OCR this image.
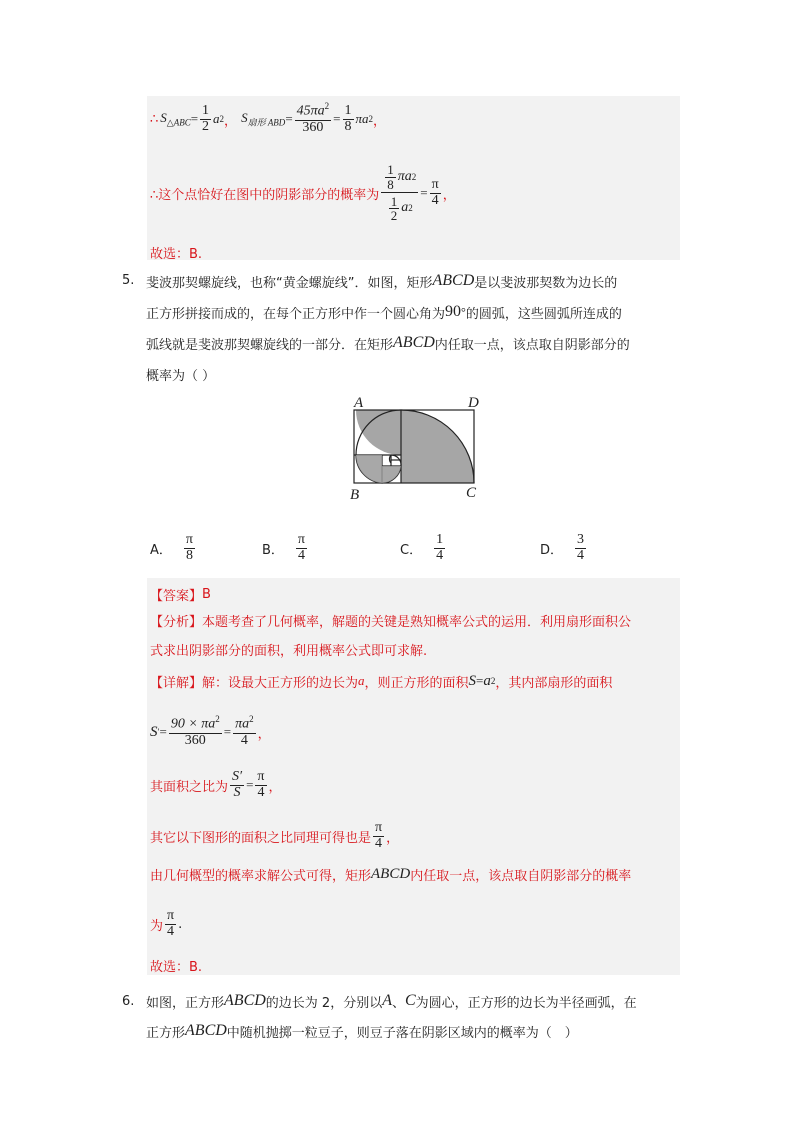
∴ $S_{\triangle ABC} = \frac{1}{2}$ a 2 ， $S_{扇形 ABD} = \frac{45\pi a^2}{360} = \frac{1}{8}$ π a 2 ，
∴这个点恰好在图中的阴影部分的概率为 $\frac{\frac{1}{8} \pi a 2}{\frac{1}{2} a 2} = \frac{\pi}{4}$ ，
故选：B.
5. 斐波那契螺旋线，也称“黄金螺旋线”．如图，矩形 ABCD 是以斐波那契数为边长的
正方形拼接而成的，在每个正方形中作一个圆心角为 90 ° 的圆弧，这些圆弧所连成的
弧线就是斐波那契螺旋线的一部分．在矩形 ABCD 内任取一点，该点取自阴影部分的
概率为（ ）
A	D
B	C
A． $\frac{\pi}{8}$	B． $\frac{\pi}{4}$	C． $\frac{1}{4}$	D． $\frac{3}{4}$
【答案】 B
【分析】 本题考查了几何概率，解题的关键是熟知概率公式的运用．利用扇形面积公
式求出阴影部分的面积，利用概率公式即可求解.
【详解】 解：设最大正方形的边长为 a ，则正方形的面积 S = a 2 ，其内部扇形的面积
S ′ = $\frac{90 \times \pi a^2}{360} = \frac{\pi a^2}{4}$ ，
其面积之比为 $\frac{S'}{S} = \frac{\pi}{4}$ ，
其它以下图形的面积之比同理可得也是 $\frac{\pi}{4}$ ，
由几何概型的概率求解公式可得，矩形 ABCD 内任取一点，该点取自阴影部分的概率
为 $\frac{\pi}{4}$ .
故选：B.
6. 如图，正方形 ABCD 的边长为 2，分别以 A 、 C 为圆心，正方形的边长为半径画弧，在
正方形 ABCD 中随机抛掷一粒豆子，则豆子落在阴影区域内的概率为（　）
